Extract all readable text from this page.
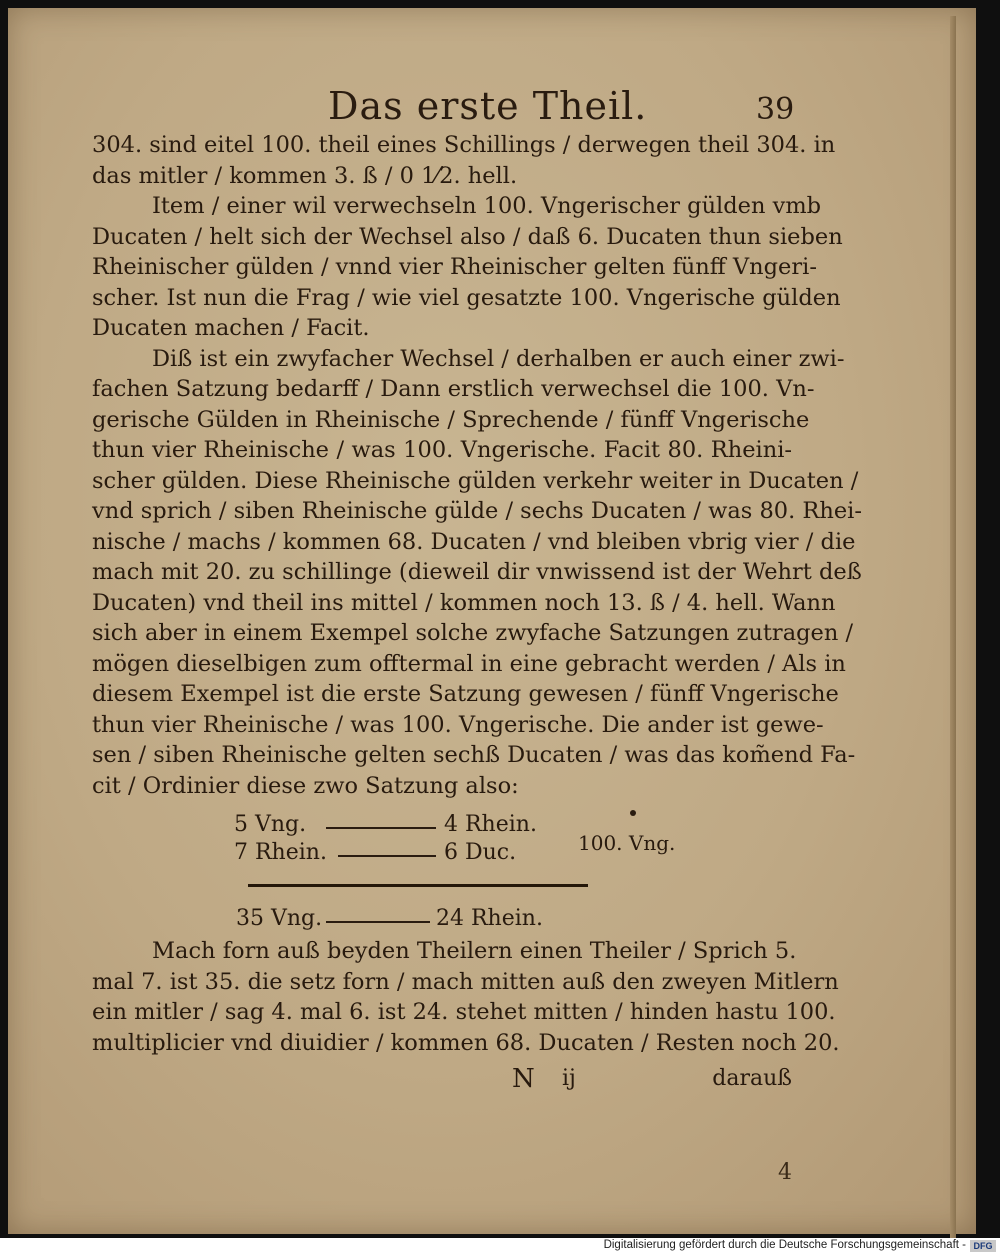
Das erste Theil.	39
304. sind eitel 100. theil eines Schillings / derwegen theil 304. in
das mitler / kommen 3. ß / 0 1⁄2. hell.
Item / einer wil verwechseln 100. Vngerischer gülden vmb
Ducaten / helt sich der Wechsel also / daß 6. Ducaten thun sieben
Rheinischer gülden / vnnd vier Rheinischer gelten fünff Vngeri-
scher. Ist nun die Frag / wie viel gesatzte 100. Vngerische gülden
Ducaten machen / Facit.
Diß ist ein zwyfacher Wechsel / derhalben er auch einer zwi-
fachen Satzung bedarff / Dann erstlich verwechsel die 100. Vn-
gerische Gülden in Rheinische / Sprechende / fünff Vngerische
thun vier Rheinische / was 100. Vngerische. Facit 80. Rheini-
scher gülden. Diese Rheinische gülden verkehr weiter in Ducaten /
vnd sprich / siben Rheinische gülde / sechs Ducaten / was 80. Rhei-
nische / machs / kommen 68. Ducaten / vnd bleiben vbrig vier / die
mach mit 20. zu schillinge (dieweil dir vnwissend ist der Wehrt deß
Ducaten) vnd theil ins mittel / kommen noch 13. ß / 4. hell. Wann
sich aber in einem Exempel solche zwyfache Satzungen zutragen /
mögen dieselbigen zum offtermal in eine gebracht werden / Als in
diesem Exempel ist die erste Satzung gewesen / fünff Vngerische
thun vier Rheinische / was 100. Vngerische. Die ander ist gewe-
sen / siben Rheinische gelten sechß Ducaten / was das kom̃end Fa-
cit / Ordinier diese zwo Satzung also:
5 Vng.	4 Rhein.
7 Rhein.	6 Duc.	100. Vng.
35 Vng.	24 Rhein.
Mach forn auß beyden Theilern einen Theiler / Sprich 5.
mal 7. ist 35. die setz forn / mach mitten auß den zweyen Mitlern
ein mitler / sag 4. mal 6. ist 24. stehet mitten / hinden hastu 100.
multiplicier vnd diuidier / kommen 68. Ducaten / Resten noch 20.
N ij	darauß
4
Digitalisierung gefördert durch die Deutsche Forschungsgemeinschaft - DFG
